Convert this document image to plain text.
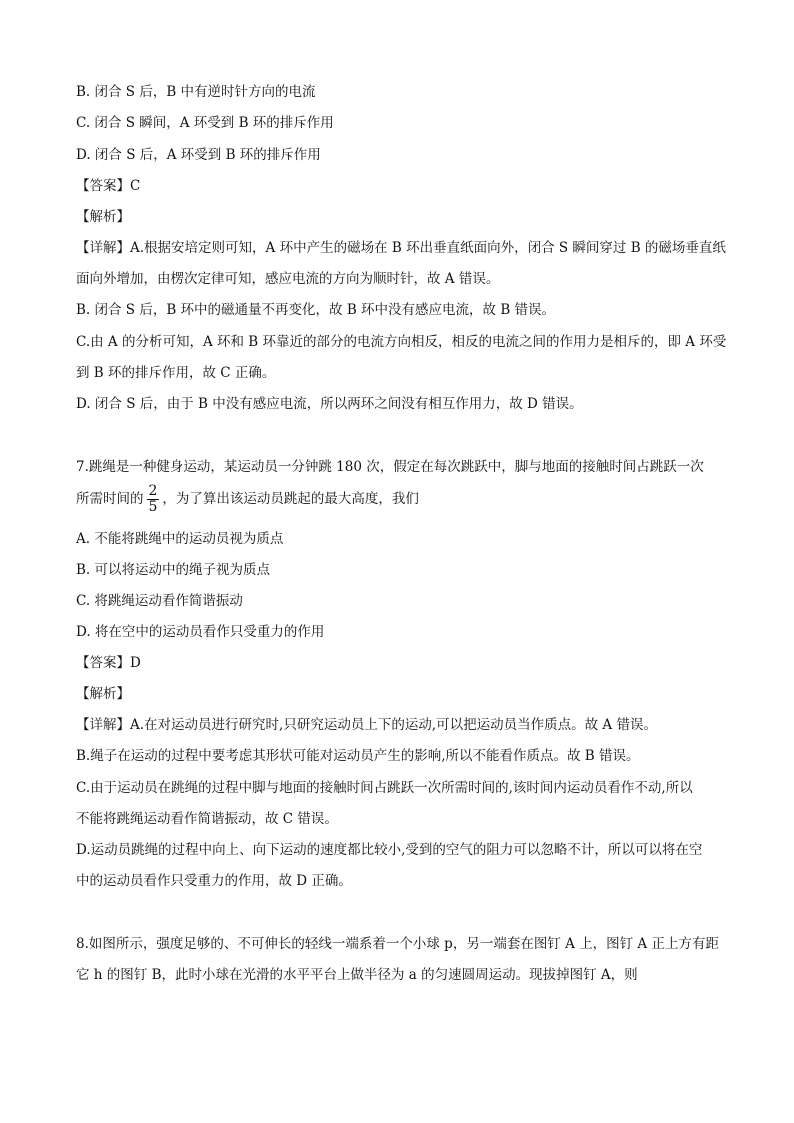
B. 闭合 S 后，B 中有逆时针方向的电流
C. 闭合 S 瞬间，A 环受到 B 环的排斥作用
D. 闭合 S 后，A 环受到 B 环的排斥作用
【答案】C
【解析】
【详解】A.根据安培定则可知，A 环中产生的磁场在 B 环出垂直纸面向外，闭合 S 瞬间穿过 B 的磁场垂直纸
面向外增加，由楞次定律可知，感应电流的方向为顺时针，故 A 错误。
B. 闭合 S 后，B 环中的磁通量不再变化，故 B 环中没有感应电流，故 B 错误。
C.由 A 的分析可知，A 环和 B 环靠近的部分的电流方向相反，相反的电流之间的作用力是相斥的，即 A 环受
到 B 环的排斥作用，故 C 正确。
D. 闭合 S 后，由于 B 中没有感应电流，所以两环之间没有相互作用力，故 D 错误。
7.跳绳是一种健身运动，某运动员一分钟跳 180 次，假定在每次跳跃中，脚与地面的接触时间占跳跃一次
所需时间的 $\frac{2}{5}$ ，为了算出该运动员跳起的最大高度，我们
A. 不能将跳绳中的运动员视为质点
B. 可以将运动中的绳子视为质点
C. 将跳绳运动看作简谐振动
D. 将在空中的运动员看作只受重力的作用
【答案】D
【解析】
【详解】A.在对运动员进行研究时,只研究运动员上下的运动,可以把运动员当作质点。故 A 错误。
B.绳子在运动的过程中要考虑其形状可能对运动员产生的影响,所以不能看作质点。故 B 错误。
C.由于运动员在跳绳的过程中脚与地面的接触时间占跳跃一次所需时间的,该时间内运动员看作不动,所以
不能将跳绳运动看作简谐振动，故 C 错误。
D.运动员跳绳的过程中向上、向下运动的速度都比较小,受到的空气的阻力可以忽略不计，所以可以将在空
中的运动员看作只受重力的作用，故 D 正确。
8.如图所示，强度足够的、不可伸长的轻线一端系着一个小球 p，另一端套在图钉 A 上，图钉 A 正上方有距
它 h 的图钉 B，此时小球在光滑的水平平台上做半径为 a 的匀速圆周运动。现拔掉图钉 A，则
